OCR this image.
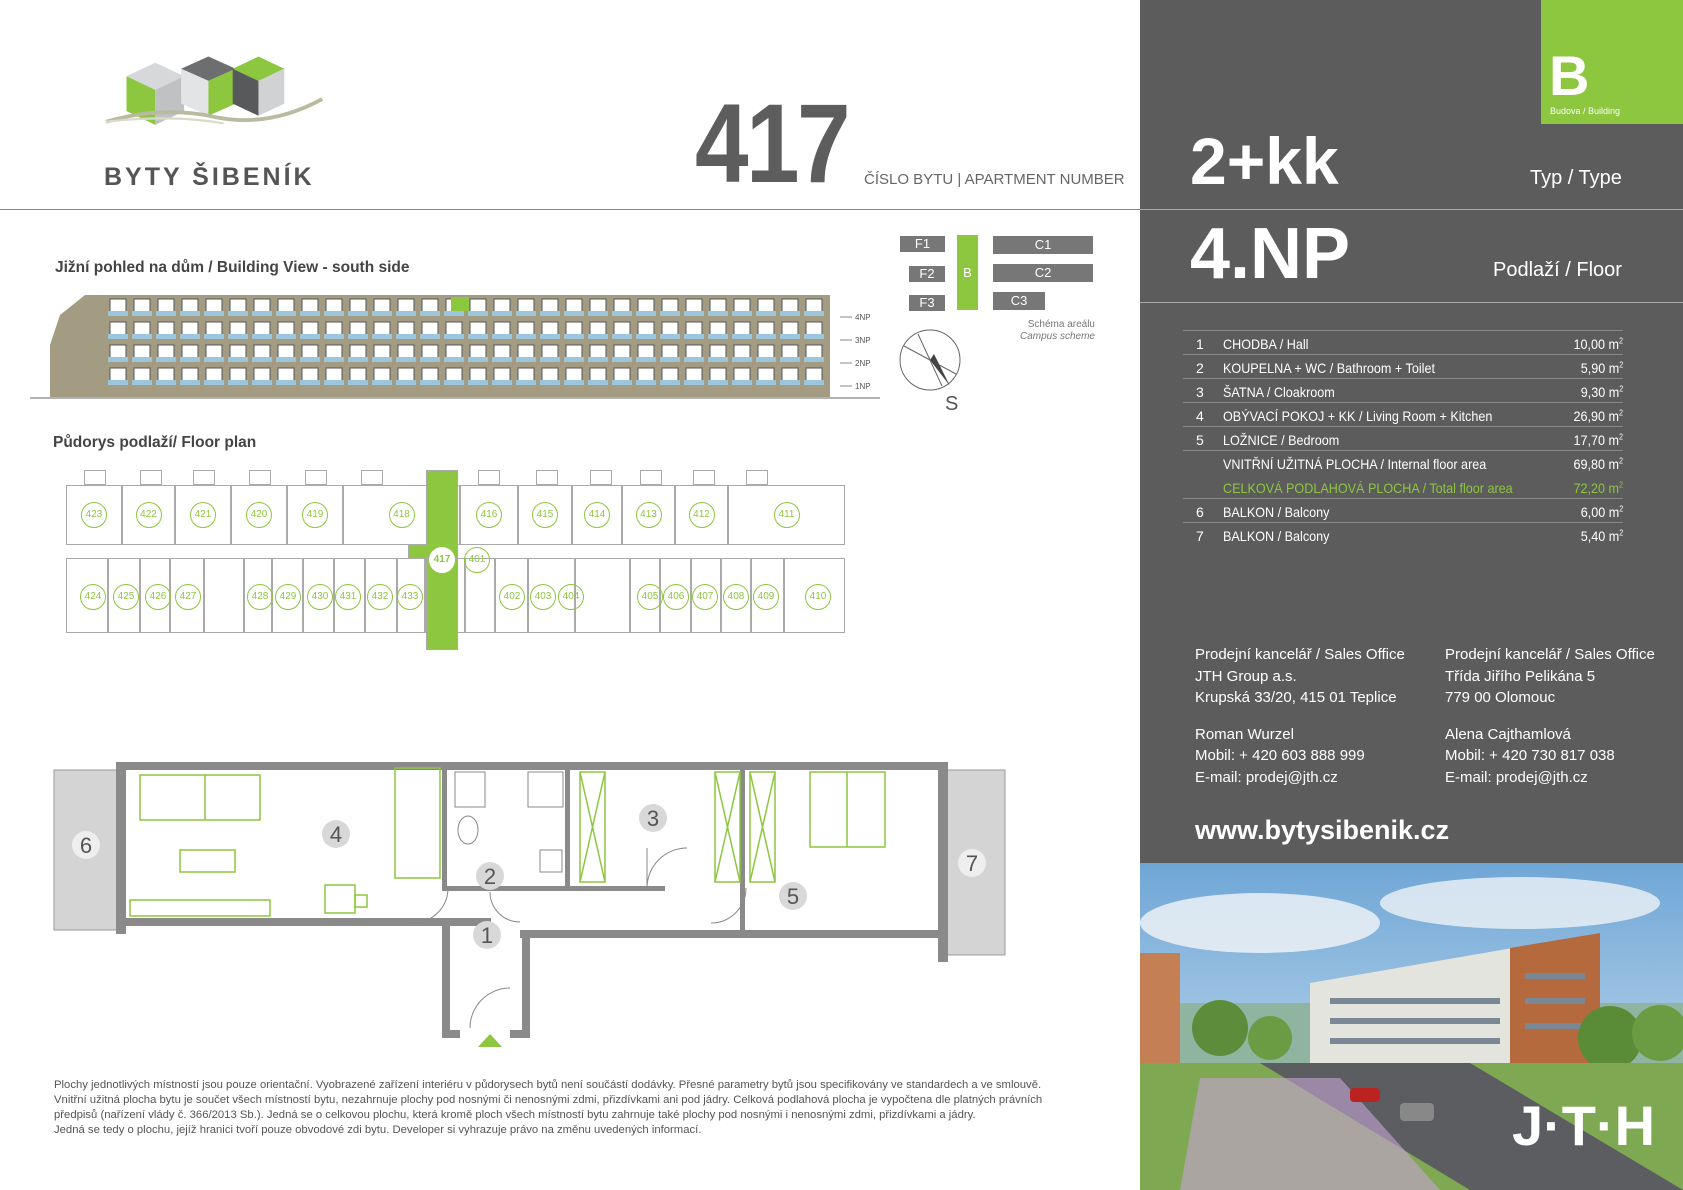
BYTY ŠIBENÍK	417 ČÍSLO BYTU | APARTMENT NUMBER
B
Budova / Building
2+kk	Typ / Type
4.NP	Podlaží / Floor
1 CHODBA / Hall	10,00 $m^2$
2 KOUPELNA + WC / Bathroom + Toilet	5,90 $m^2$
3 ŠATNA / Cloakroom	9,30 $m^2$
4 OBÝVACÍ POKOJ + KK / Living Room + Kitchen	26,90 $m^2$
5 LOŽNICE / Bedroom	17,70 $m^2$
VNITŘNÍ UŽITNÁ PLOCHA / Internal floor area	69,80 $m^2$
CELKOVÁ PODLAHOVÁ PLOCHA / Total floor area	72,20 $m^2$
6 BALKON / Balcony	6,00 $m^2$
7 BALKON / Balcony	5,40 $m^2$
Prodejní kancelář / Sales Office
JTH Group a.s.
Krupská 33/20, 415 01 Teplice
Roman Wurzel
Mobil: + 420 603 888 999
E-mail: prodej@jth.cz
Prodejní kancelář / Sales Office
Třída Jiřího Pelikána 5
779 00 Olomouc
Alena Cajthamlová
Mobil: + 420 730 817 038
E-mail: prodej@jth.cz
www.bytysibenik.cz
J·T·H
Jižní pohled na dům / Building View - south side
4NP
3NP
2NP
1NP
F1
F2
F3
B
C1
C2
C3
Schéma areálu
Campus scheme
S
Půdorys podlaží/ Floor plan
423	422	421	420	419	418	416	415	414	413	412	411
424	425	426	427	428	429	430	431	432	433	402	403	404	405 406	407	408	409	410
417	401
2
3
4
5
1
6
7
Plochy jednotlivých místností jsou pouze orientační. Vyobrazené zařízení interiéru v půdorysech bytů není součástí dodávky. Přesné parametry bytů jsou specifikovány ve standardech a ve smlouvě.
Vnitřní užitná plocha bytu je součet všech místností bytu, nezahrnuje plochy pod nosnými či nenosnými zdmi, přizdívkami ani pod jádry. Celková podlahová plocha je vypočtena dle platných právních
předpisů (nařízení vlády č. 366/2013 Sb.). Jedná se o celkovou plochu, která kromě ploch všech místností bytu zahrnuje také plochy pod nosnými i nenosnými zdmi, přizdívkami a jádry.
Jedná se tedy o plochu, jejíž hranici tvoří pouze obvodové zdi bytu. Developer si vyhrazuje právo na změnu uvedených informací.
